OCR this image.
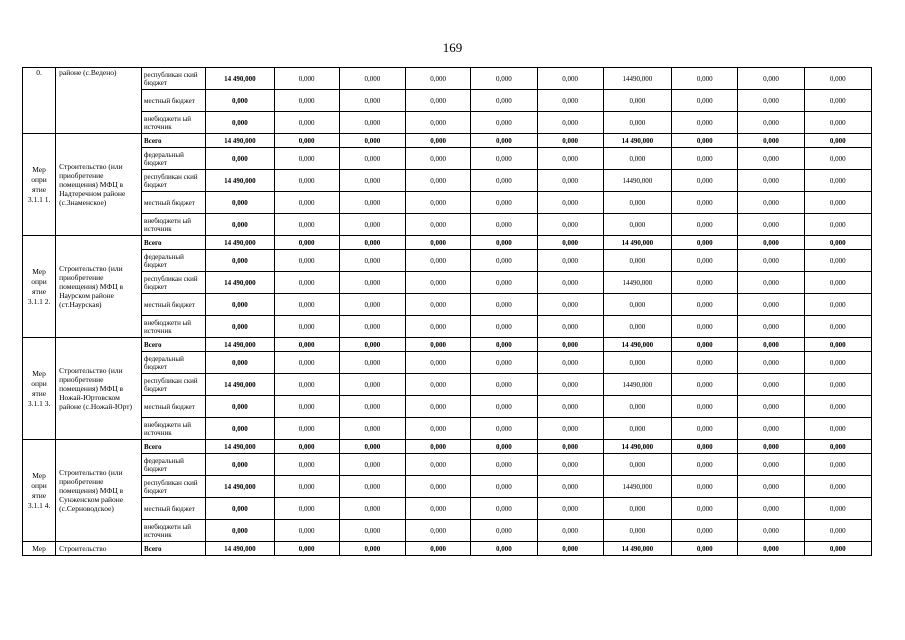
169
0.	районе (с.Ведено)	республикан ский бюджет	14 490,000	0,000	0,000	0,000	0,000	0,000	14490,000	0,000	0,000	0,000
		местный бюджет	0,000	0,000	0,000	0,000	0,000	0,000	0,000	0,000	0,000	0,000
		внебюджетн ый источник	0,000	0,000	0,000	0,000	0,000	0,000	0,000	0,000	0,000	0,000
Мер опри ятие 3.1.1 1.	Строительство (или приобретение помещения) МФЦ в Надтеречном районе (с.Знаменское)	Всего	14 490,000	0,000	0,000	0,000	0,000	0,000	14 490,000	0,000	0,000	0,000
		федеральный бюджет	0,000	0,000	0,000	0,000	0,000	0,000	0,000	0,000	0,000	0,000
		республикан ский бюджет	14 490,000	0,000	0,000	0,000	0,000	0,000	14490,000	0,000	0,000	0,000
		местный бюджет	0,000	0,000	0,000	0,000	0,000	0,000	0,000	0,000	0,000	0,000
		внебюджетн ый источник	0,000	0,000	0,000	0,000	0,000	0,000	0,000	0,000	0,000	0,000
Мер опри ятие 3.1.1 2.	Строительство (или приобретение помещения) МФЦ в Наурском районе (ст.Наурская)	Всего	14 490,000	0,000	0,000	0,000	0,000	0,000	14 490,000	0,000	0,000	0,000
		федеральный бюджет	0,000	0,000	0,000	0,000	0,000	0,000	0,000	0,000	0,000	0,000
		республикан ский бюджет	14 490,000	0,000	0,000	0,000	0,000	0,000	14490,000	0,000	0,000	0,000
		местный бюджет	0,000	0,000	0,000	0,000	0,000	0,000	0,000	0,000	0,000	0,000
		внебюджетн ый источник	0,000	0,000	0,000	0,000	0,000	0,000	0,000	0,000	0,000	0,000
Мер опри ятие 3.1.1 3.	Строительство (или приобретение помещения) МФЦ в Ножай-Юртовском районе (с.Ножай-Юрт)	Всего	14 490,000	0,000	0,000	0,000	0,000	0,000	14 490,000	0,000	0,000	0,000
		федеральный бюджет	0,000	0,000	0,000	0,000	0,000	0,000	0,000	0,000	0,000	0,000
		республикан ский бюджет	14 490,000	0,000	0,000	0,000	0,000	0,000	14490,000	0,000	0,000	0,000
		местный бюджет	0,000	0,000	0,000	0,000	0,000	0,000	0,000	0,000	0,000	0,000
		внебюджетн ый источник	0,000	0,000	0,000	0,000	0,000	0,000	0,000	0,000	0,000	0,000
Мер опри ятие 3.1.1 4.	Строительство (или приобретение помещения) МФЦ в Сунженском районе (с.Серноводское)	Всего	14 490,000	0,000	0,000	0,000	0,000	0,000	14 490,000	0,000	0,000	0,000
		федеральный бюджет	0,000	0,000	0,000	0,000	0,000	0,000	0,000	0,000	0,000	0,000
		республикан ский бюджет	14 490,000	0,000	0,000	0,000	0,000	0,000	14490,000	0,000	0,000	0,000
		местный бюджет	0,000	0,000	0,000	0,000	0,000	0,000	0,000	0,000	0,000	0,000
		внебюджетн ый источник	0,000	0,000	0,000	0,000	0,000	0,000	0,000	0,000	0,000	0,000
Мер	Строительство	Всего	14 490,000	0,000	0,000	0,000	0,000	0,000	14 490,000	0,000	0,000	0,000
